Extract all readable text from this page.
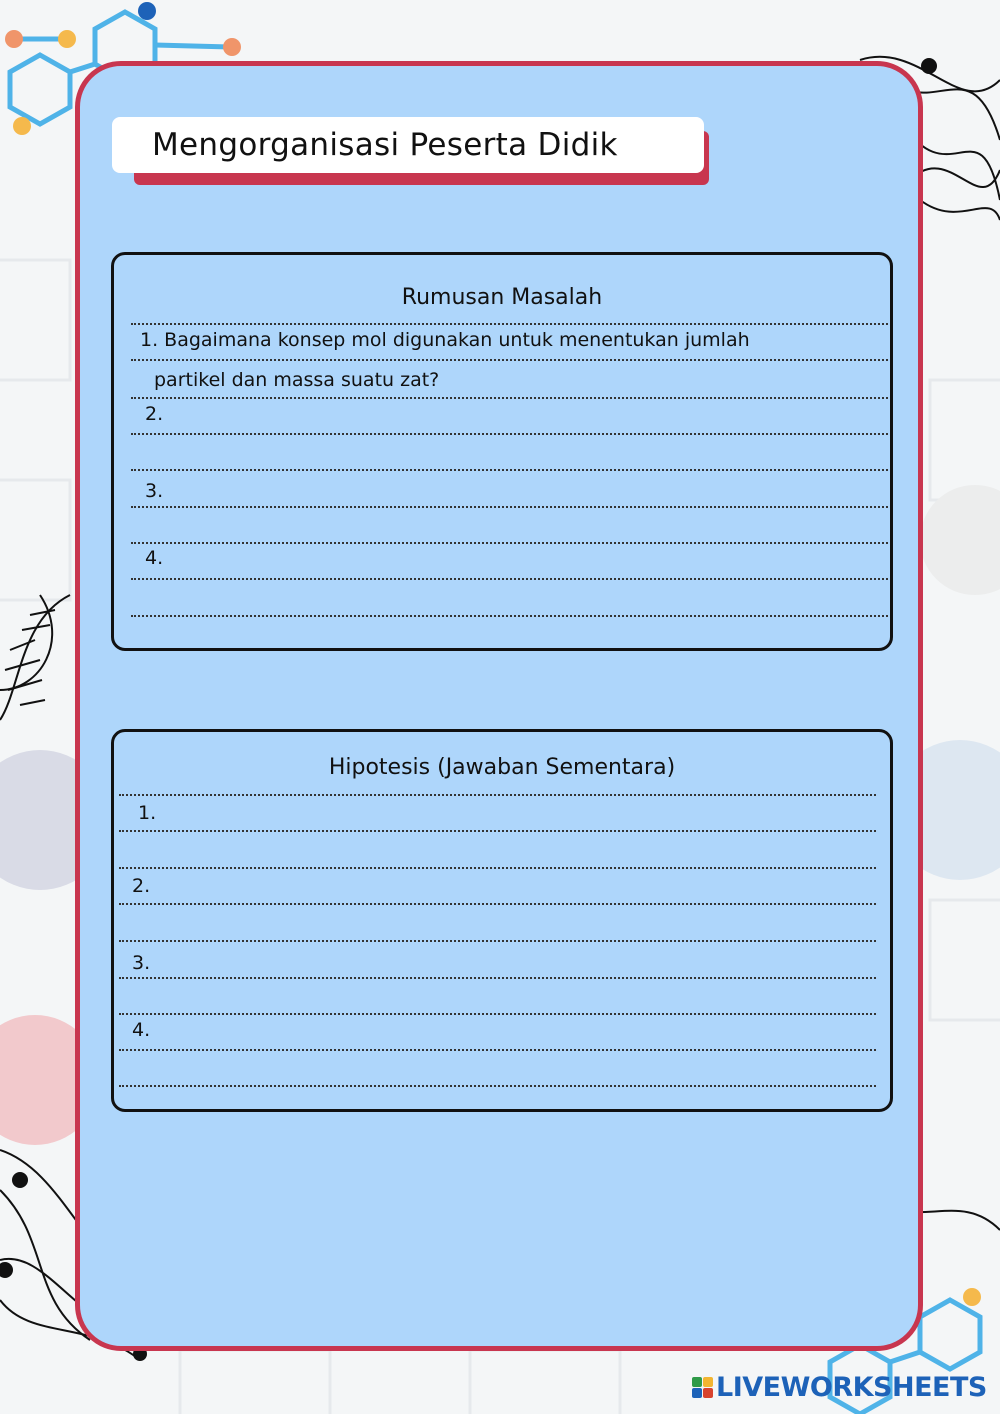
Mengorganisasi Peserta Didik
Rumusan Masalah
1. Bagaimana konsep mol digunakan untuk menentukan jumlah
partikel dan massa suatu zat?
2.
3.
4.
Hipotesis (Jawaban Sementara)
1.
2.
3.
4.
LIVEWORKSHEETS
